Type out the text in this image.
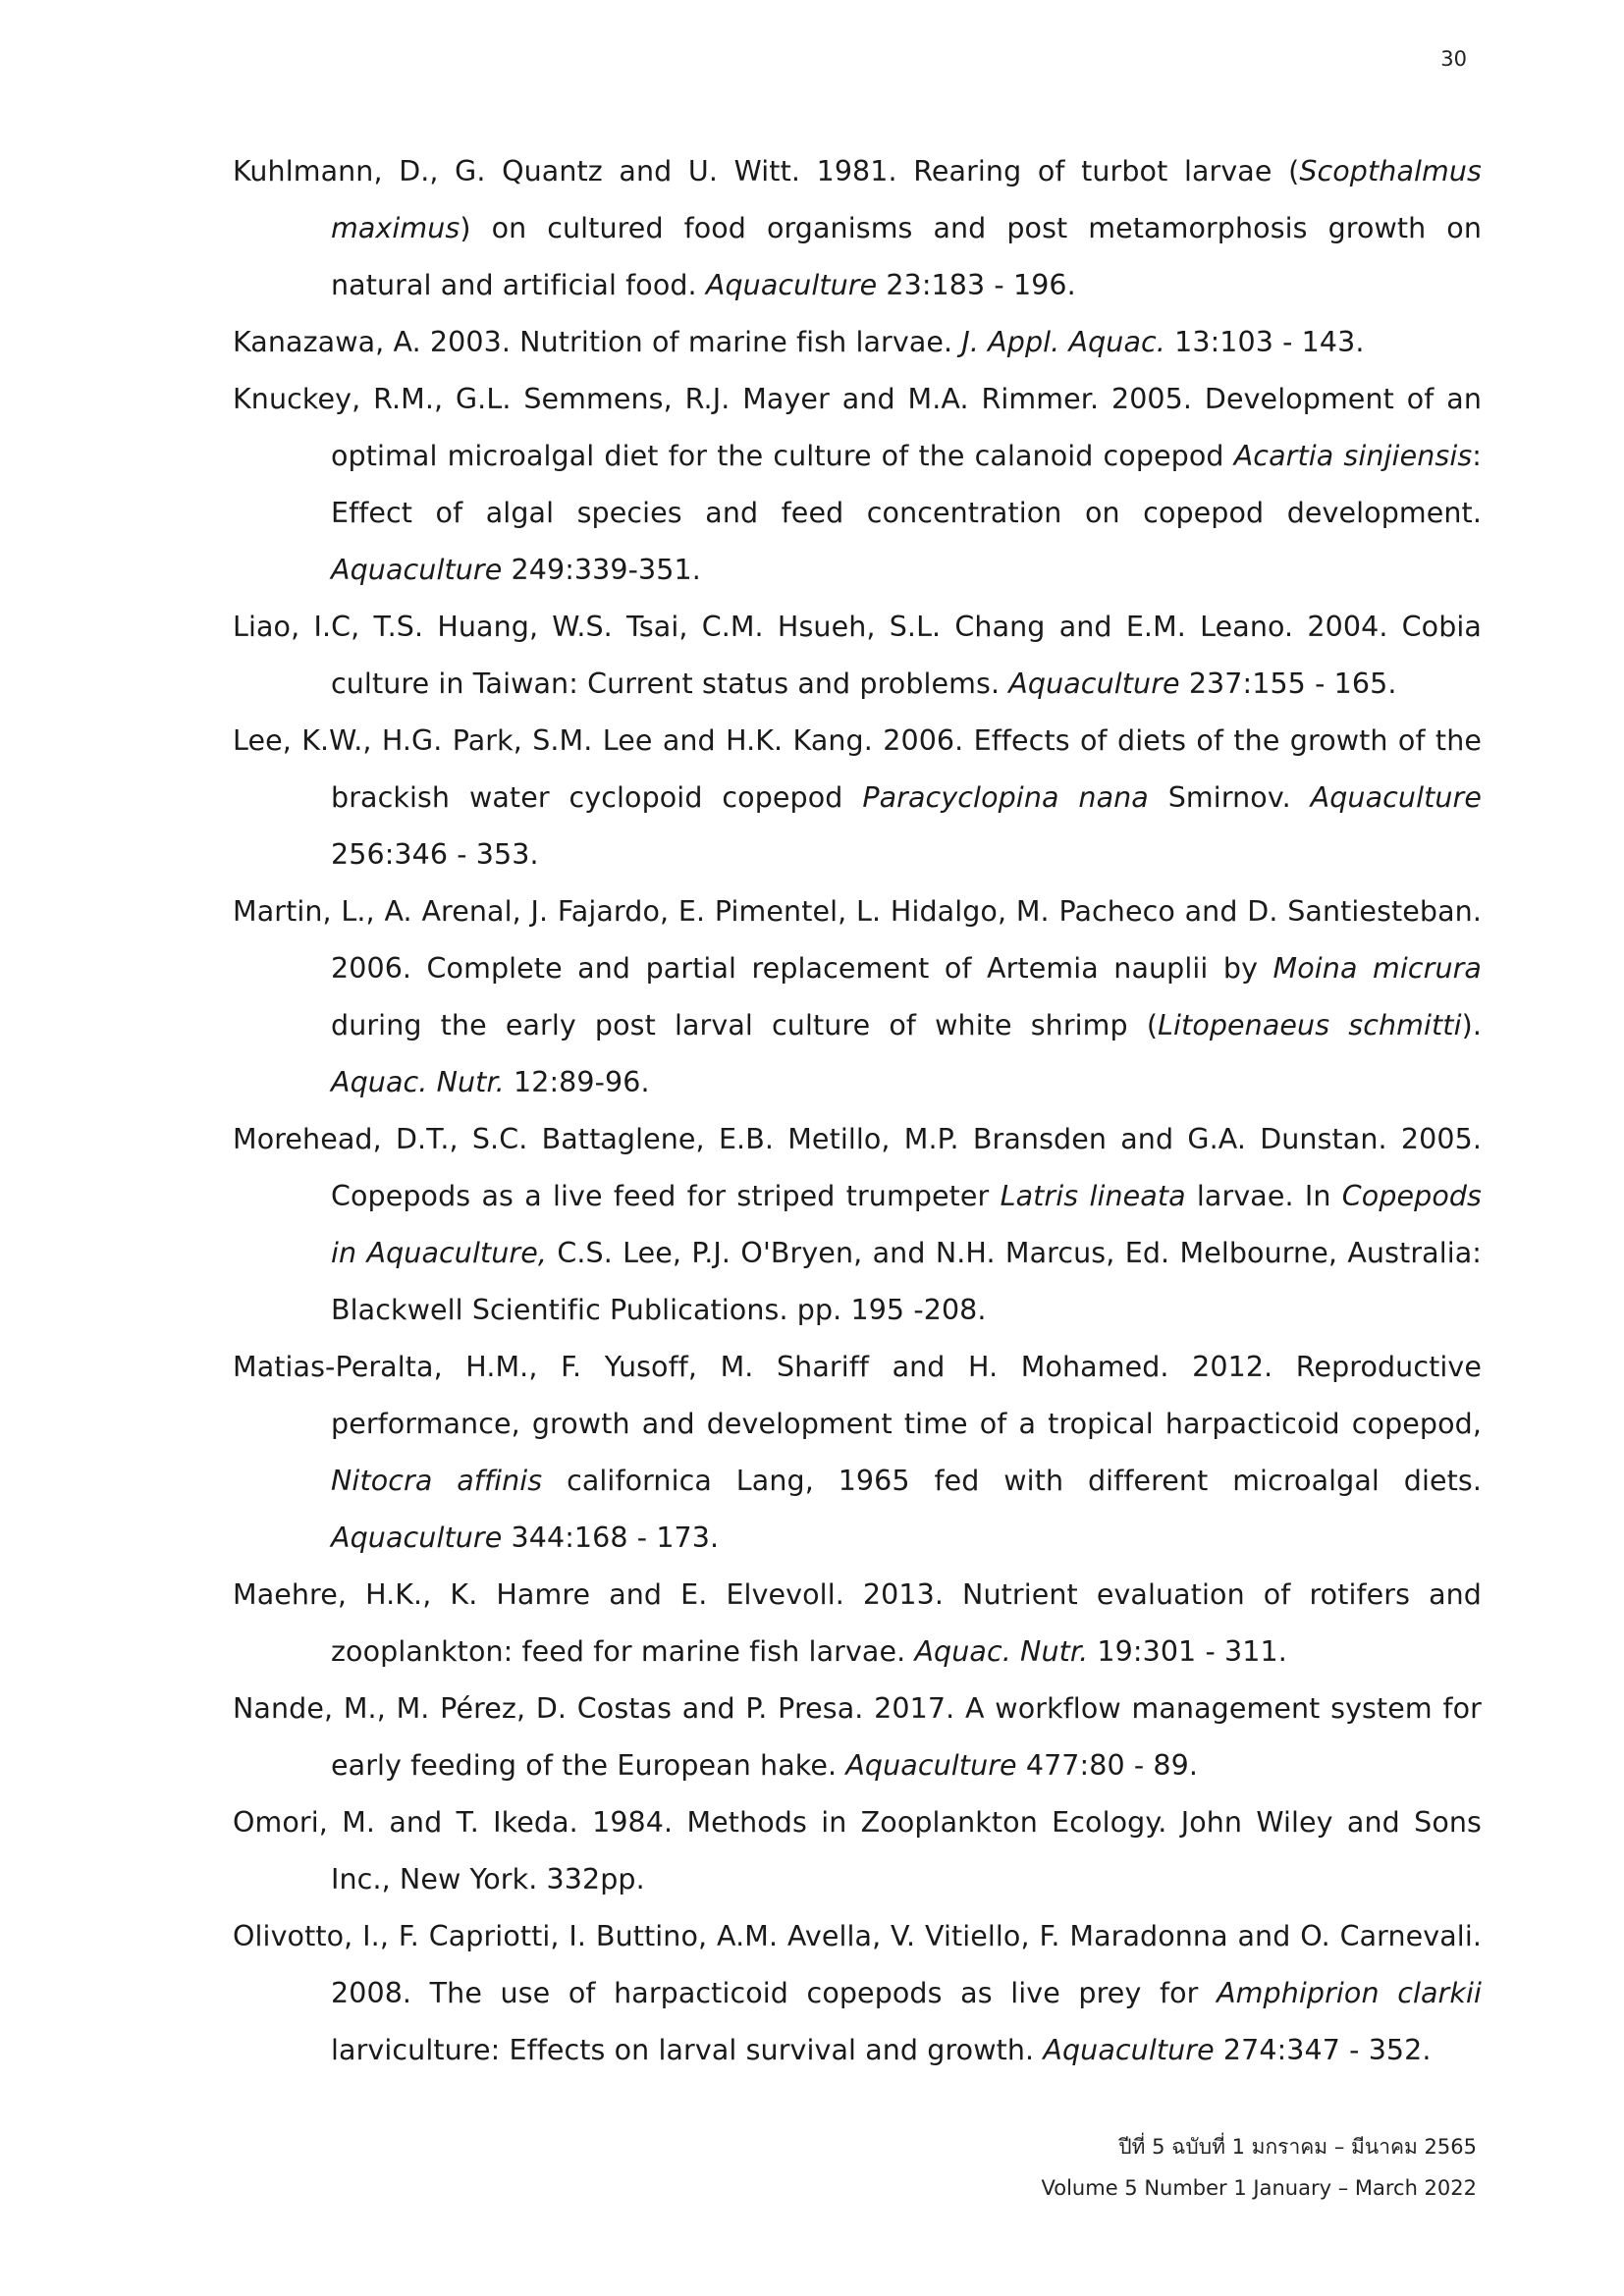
30

Kuhlmann, D., G. Quantz and U. Witt. 1981. Rearing of turbot larvae (Scopthalmus maximus) on cultured food organisms and post metamorphosis growth on natural and artificial food. Aquaculture 23:183 - 196.

Kanazawa, A. 2003. Nutrition of marine fish larvae. J. Appl. Aquac. 13:103 - 143.

Knuckey, R.M., G.L. Semmens, R.J. Mayer and M.A. Rimmer. 2005. Development of an optimal microalgal diet for the culture of the calanoid copepod Acartia sinjiensis: Effect of algal species and feed concentration on copepod development. Aquaculture 249:339-351.

Liao, I.C, T.S. Huang, W.S. Tsai, C.M. Hsueh, S.L. Chang and E.M. Leano. 2004. Cobia culture in Taiwan: Current status and problems. Aquaculture 237:155 - 165.

Lee, K.W., H.G. Park, S.M. Lee and H.K. Kang. 2006. Effects of diets of the growth of the brackish water cyclopoid copepod Paracyclopina nana Smirnov. Aquaculture 256:346 - 353.

Martin, L., A. Arenal, J. Fajardo, E. Pimentel, L. Hidalgo, M. Pacheco and D. Santiesteban. 2006. Complete and partial replacement of Artemia nauplii by Moina micrura during the early post larval culture of white shrimp (Litopenaeus schmitti). Aquac. Nutr. 12:89-96.

Morehead, D.T., S.C. Battaglene, E.B. Metillo, M.P. Bransden and G.A. Dunstan. 2005. Copepods as a live feed for striped trumpeter Latris lineata larvae. In Copepods in Aquaculture, C.S. Lee, P.J. O'Bryen, and N.H. Marcus, Ed. Melbourne, Australia: Blackwell Scientific Publications. pp. 195 -208.

Matias-Peralta, H.M., F. Yusoff, M. Shariff and H. Mohamed. 2012. Reproductive performance, growth and development time of a tropical harpacticoid copepod, Nitocra affinis californica Lang, 1965 fed with different microalgal diets. Aquaculture 344:168 - 173.

Maehre, H.K., K. Hamre and E. Elvevoll. 2013. Nutrient evaluation of rotifers and zooplankton: feed for marine fish larvae. Aquac. Nutr. 19:301 - 311.

Nande, M., M. Pérez, D. Costas and P. Presa. 2017. A workflow management system for early feeding of the European hake. Aquaculture 477:80 - 89.

Omori, M. and T. Ikeda. 1984. Methods in Zooplankton Ecology. John Wiley and Sons Inc., New York. 332pp.

Olivotto, I., F. Capriotti, I. Buttino, A.M. Avella, V. Vitiello, F. Maradonna and O. Carnevali. 2008. The use of harpacticoid copepods as live prey for Amphiprion clarkii larviculture: Effects on larval survival and growth. Aquaculture 274:347 - 352.

ปีที่ 5 ฉบับที่ 1 มกราคม – มีนาคม 2565
Volume 5 Number 1 January – March 2022
